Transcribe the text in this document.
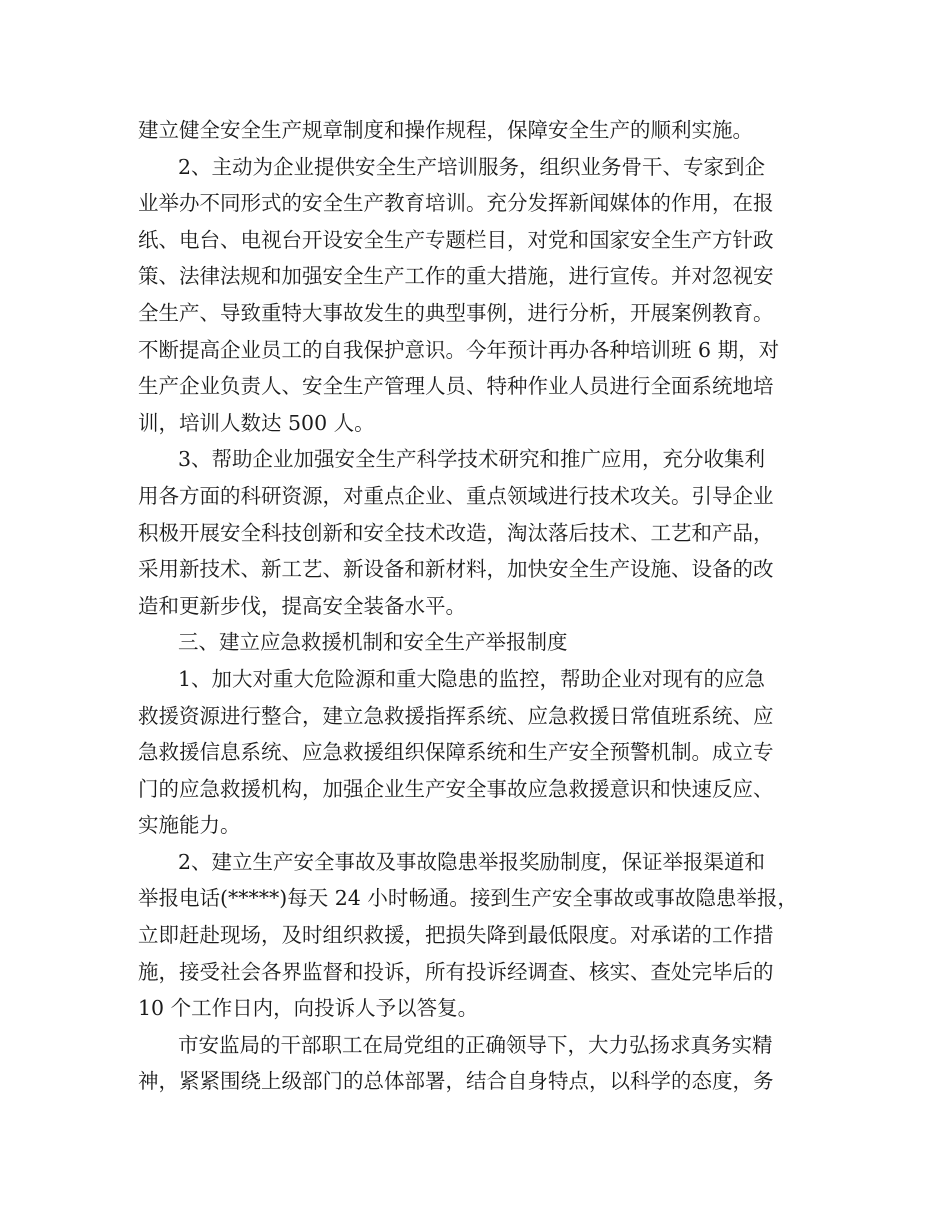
建立健全安全生产规章制度和操作规程，保障安全生产的顺利实施。
2、主动为企业提供安全生产培训服务，组织业务骨干、专家到企
业举办不同形式的安全生产教育培训。充分发挥新闻媒体的作用，在报
纸、电台、电视台开设安全生产专题栏目，对党和国家安全生产方针政
策、法律法规和加强安全生产工作的重大措施，进行宣传。并对忽视安
全生产、导致重特大事故发生的典型事例，进行分析，开展案例教育。
不断提高企业员工的自我保护意识。今年预计再办各种培训班 6 期，对
生产企业负责人、安全生产管理人员、特种作业人员进行全面系统地培
训，培训人数达 500 人。
3、帮助企业加强安全生产科学技术研究和推广应用，充分收集利
用各方面的科研资源，对重点企业、重点领域进行技术攻关。引导企业
积极开展安全科技创新和安全技术改造，淘汰落后技术、工艺和产品，
采用新技术、新工艺、新设备和新材料，加快安全生产设施、设备的改
造和更新步伐，提高安全装备水平。
三、建立应急救援机制和安全生产举报制度
1、加大对重大危险源和重大隐患的监控，帮助企业对现有的应急
救援资源进行整合，建立急救援指挥系统、应急救援日常值班系统、应
急救援信息系统、应急救援组织保障系统和生产安全预警机制。成立专
门的应急救援机构，加强企业生产安全事故应急救援意识和快速反应、
实施能力。
2、建立生产安全事故及事故隐患举报奖励制度，保证举报渠道和
举报电话(*****)每天 24 小时畅通。接到生产安全事故或事故隐患举报，
立即赶赴现场，及时组织救援，把损失降到最低限度。对承诺的工作措
施，接受社会各界监督和投诉，所有投诉经调查、核实、查处完毕后的
10 个工作日内，向投诉人予以答复。
市安监局的干部职工在局党组的正确领导下，大力弘扬求真务实精
神，紧紧围绕上级部门的总体部署，结合自身特点，以科学的态度，务
